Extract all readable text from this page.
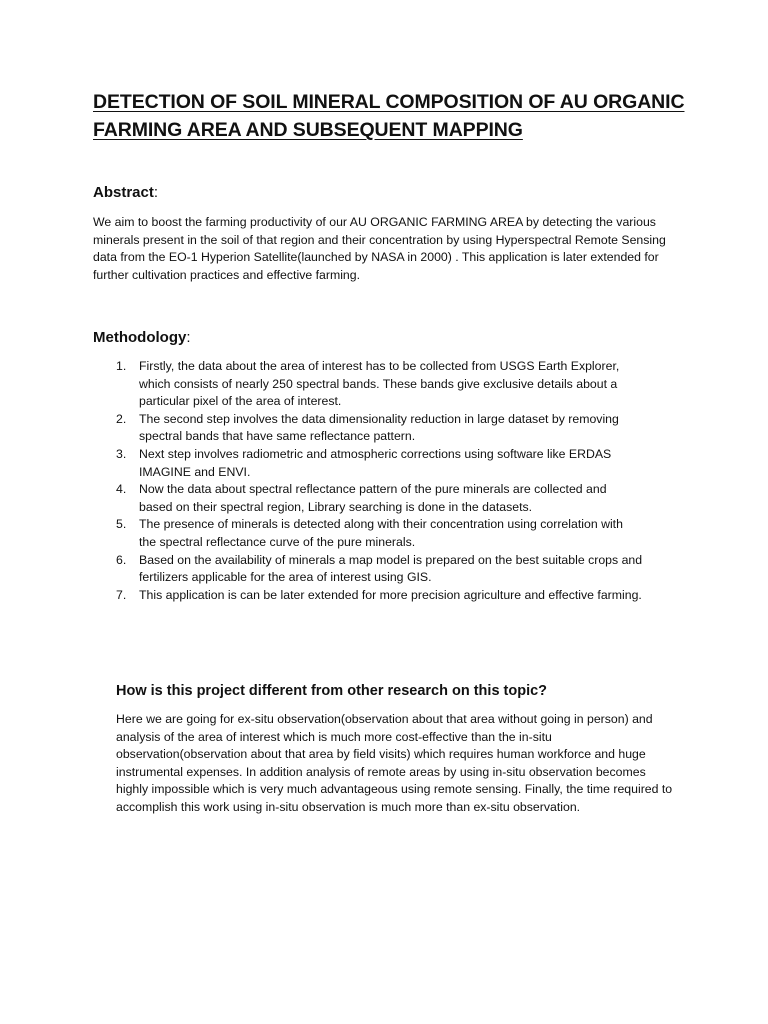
DETECTION OF SOIL MINERAL COMPOSITION OF AU ORGANIC FARMING AREA AND SUBSEQUENT MAPPING
Abstract:

We aim to boost the farming productivity of our AU ORGANIC FARMING AREA by detecting the various minerals present in the soil of that region and their concentration by using Hyperspectral Remote Sensing data from the EO-1 Hyperion Satellite(launched by NASA in 2000) . This application is later extended for further cultivation practices and effective farming.

Methodology:
1. Firstly, the data about the area of interest has to be collected from USGS Earth Explorer, which consists of nearly 250 spectral bands. These bands give exclusive details about a particular pixel of the area of interest.
2. The second step involves the data dimensionality reduction in large dataset by removing spectral bands that have same reflectance pattern.
3. Next step involves radiometric and atmospheric corrections using software like ERDAS IMAGINE and ENVI.
4. Now the data about spectral reflectance pattern of the pure minerals are collected and based on their spectral region, Library searching is done in the datasets.
5. The presence of minerals is detected along with their concentration using correlation with the spectral reflectance curve of the pure minerals.
6. Based on the availability of minerals a map model is prepared on the best suitable crops and fertilizers applicable for the area of interest using GIS.
7. This application is can be later extended for more precision agriculture and effective farming.
How is this project different from other research on this topic?

Here we are going for ex-situ observation(observation about that area without going in person) and analysis of the area of interest which is much more cost-effective than the in-situ observation(observation about that area by field visits) which requires human workforce and huge instrumental expenses. In addition analysis of remote areas by using in-situ observation becomes highly impossible which is very much advantageous using remote sensing. Finally, the time required to accomplish this work using in-situ observation is much more than ex-situ observation.
